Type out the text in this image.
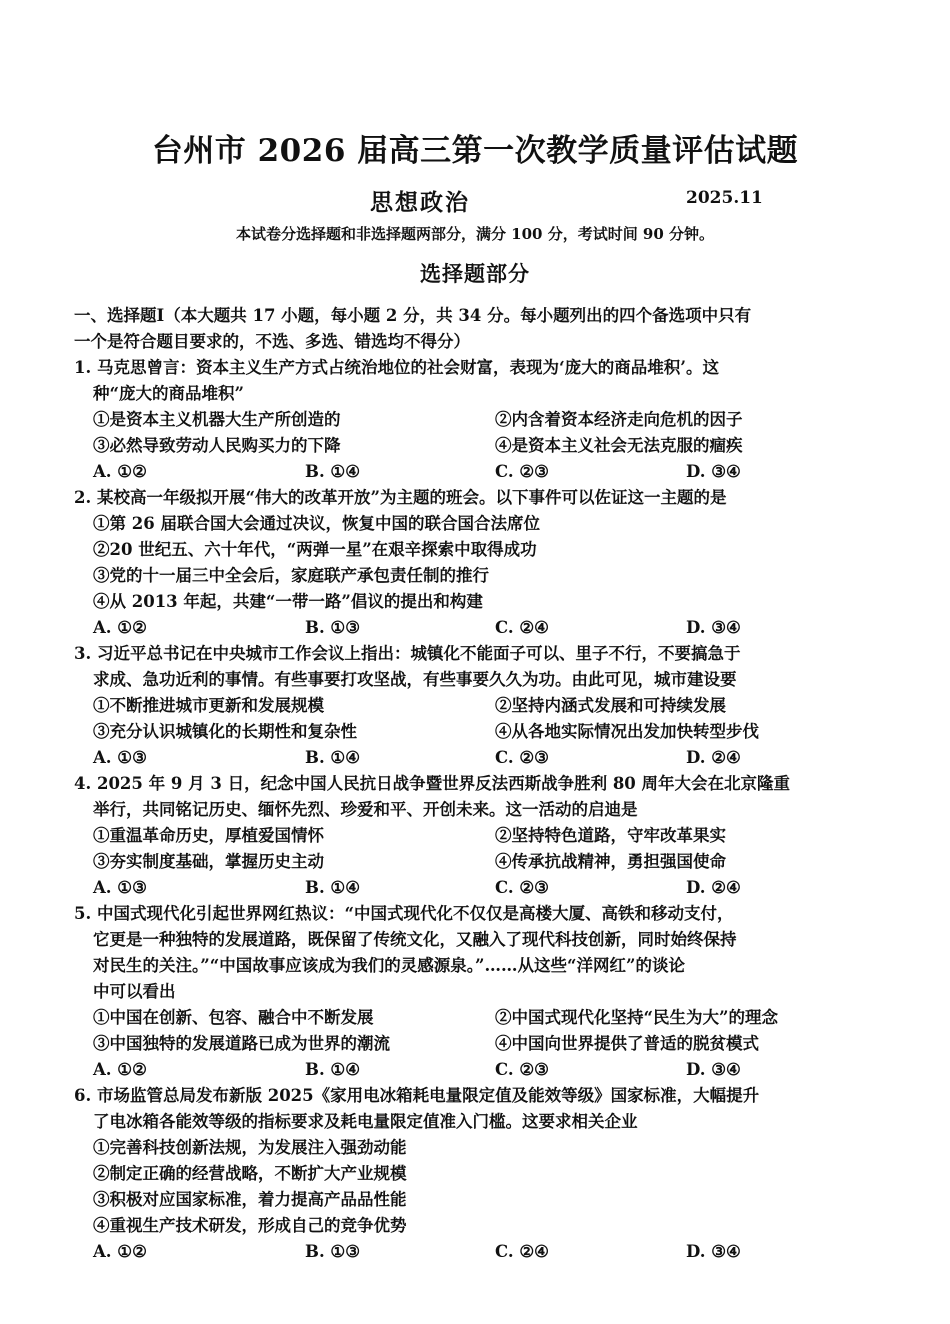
台州市 2026 届高三第一次教学质量评估试题
思想政治	2025.11
本试卷分选择题和非选择题两部分，满分 100 分，考试时间 90 分钟。
选择题部分
一、选择题Ⅰ（本大题共 17 小题，每小题 2 分，共 34 分。每小题列出的四个备选项中只有
一个是符合题目要求的，不选、多选、错选均不得分）
1. 马克思曾言：资本主义生产方式占统治地位的社会财富，表现为‘庞大的商品堆积’。这
种“庞大的商品堆积”
①是资本主义机器大生产所创造的	②内含着资本经济走向危机的因子
③必然导致劳动人民购买力的下降	④是资本主义社会无法克服的痼疾
A. ①②	B. ①④	C. ②③	D. ③④
2. 某校高一年级拟开展“伟大的改革开放”为主题的班会。以下事件可以佐证这一主题的是
①第 26 届联合国大会通过决议，恢复中国的联合国合法席位
②20 世纪五、六十年代，“两弹一星”在艰辛探索中取得成功
③党的十一届三中全会后，家庭联产承包责任制的推行
④从 2013 年起，共建“一带一路”倡议的提出和构建
A. ①②	B. ①③	C. ②④	D. ③④
3. 习近平总书记在中央城市工作会议上指出：城镇化不能面子可以、里子不行，不要搞急于
求成、急功近利的事情。有些事要打攻坚战，有些事要久久为功。由此可见，城市建设要
①不断推进城市更新和发展规模	②坚持内涵式发展和可持续发展
③充分认识城镇化的长期性和复杂性	④从各地实际情况出发加快转型步伐
A. ①③	B. ①④	C. ②③	D. ②④
4. 2025 年 9 月 3 日，纪念中国人民抗日战争暨世界反法西斯战争胜利 80 周年大会在北京隆重
举行，共同铭记历史、缅怀先烈、珍爱和平、开创未来。这一活动的启迪是
①重温革命历史，厚植爱国情怀	②坚持特色道路，守牢改革果实
③夯实制度基础，掌握历史主动	④传承抗战精神，勇担强国使命
A. ①③	B. ①④	C. ②③	D. ②④
5. 中国式现代化引起世界网红热议：“中国式现代化不仅仅是高楼大厦、高铁和移动支付，
它更是一种独特的发展道路，既保留了传统文化，又融入了现代科技创新，同时始终保持
对民生的关注。”“中国故事应该成为我们的灵感源泉。”……从这些“洋网红”的谈论
中可以看出
①中国在创新、包容、融合中不断发展	②中国式现代化坚持“民生为大”的理念
③中国独特的发展道路已成为世界的潮流	④中国向世界提供了普适的脱贫模式
A. ①②	B. ①④	C. ②③	D. ③④
6. 市场监管总局发布新版 2025《家用电冰箱耗电量限定值及能效等级》国家标准，大幅提升
了电冰箱各能效等级的指标要求及耗电量限定值准入门槛。这要求相关企业
①完善科技创新法规，为发展注入强劲动能
②制定正确的经营战略，不断扩大产业规模
③积极对应国家标准，着力提高产品品性能
④重视生产技术研发，形成自己的竞争优势
A. ①②	B. ①③	C. ②④	D. ③④
